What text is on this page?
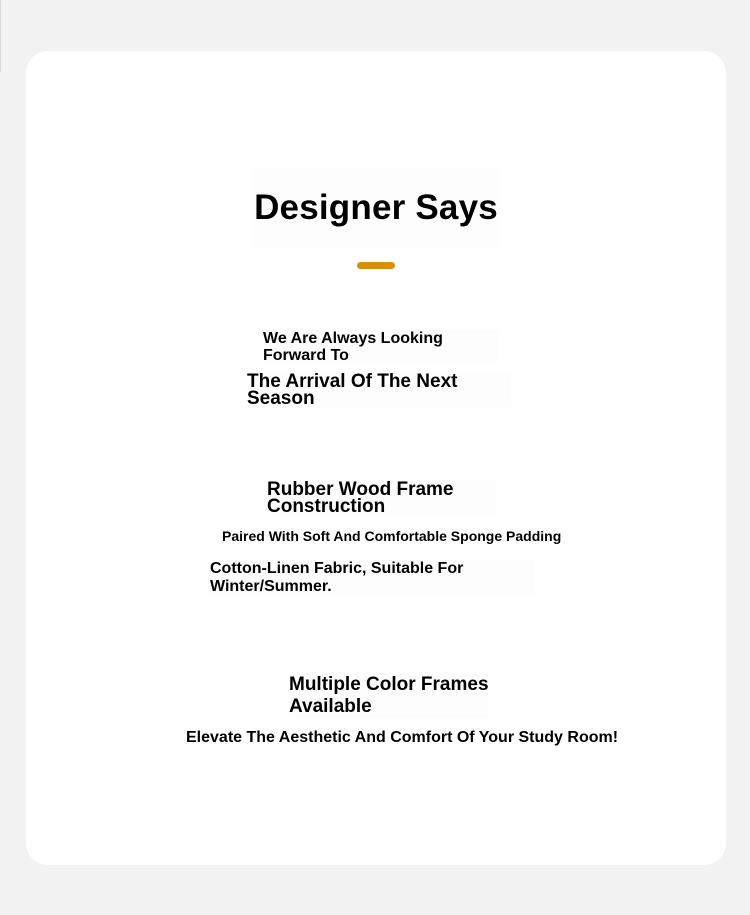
Designer Says

We Are Always Looking Forward To

The Arrival Of The Next Season

Rubber Wood Frame Construction

Paired With Soft And Comfortable Sponge Padding

Cotton-Linen Fabric, Suitable For Winter/Summer.

Multiple Color Frames Available

Elevate The Aesthetic And Comfort Of Your Study Room!
